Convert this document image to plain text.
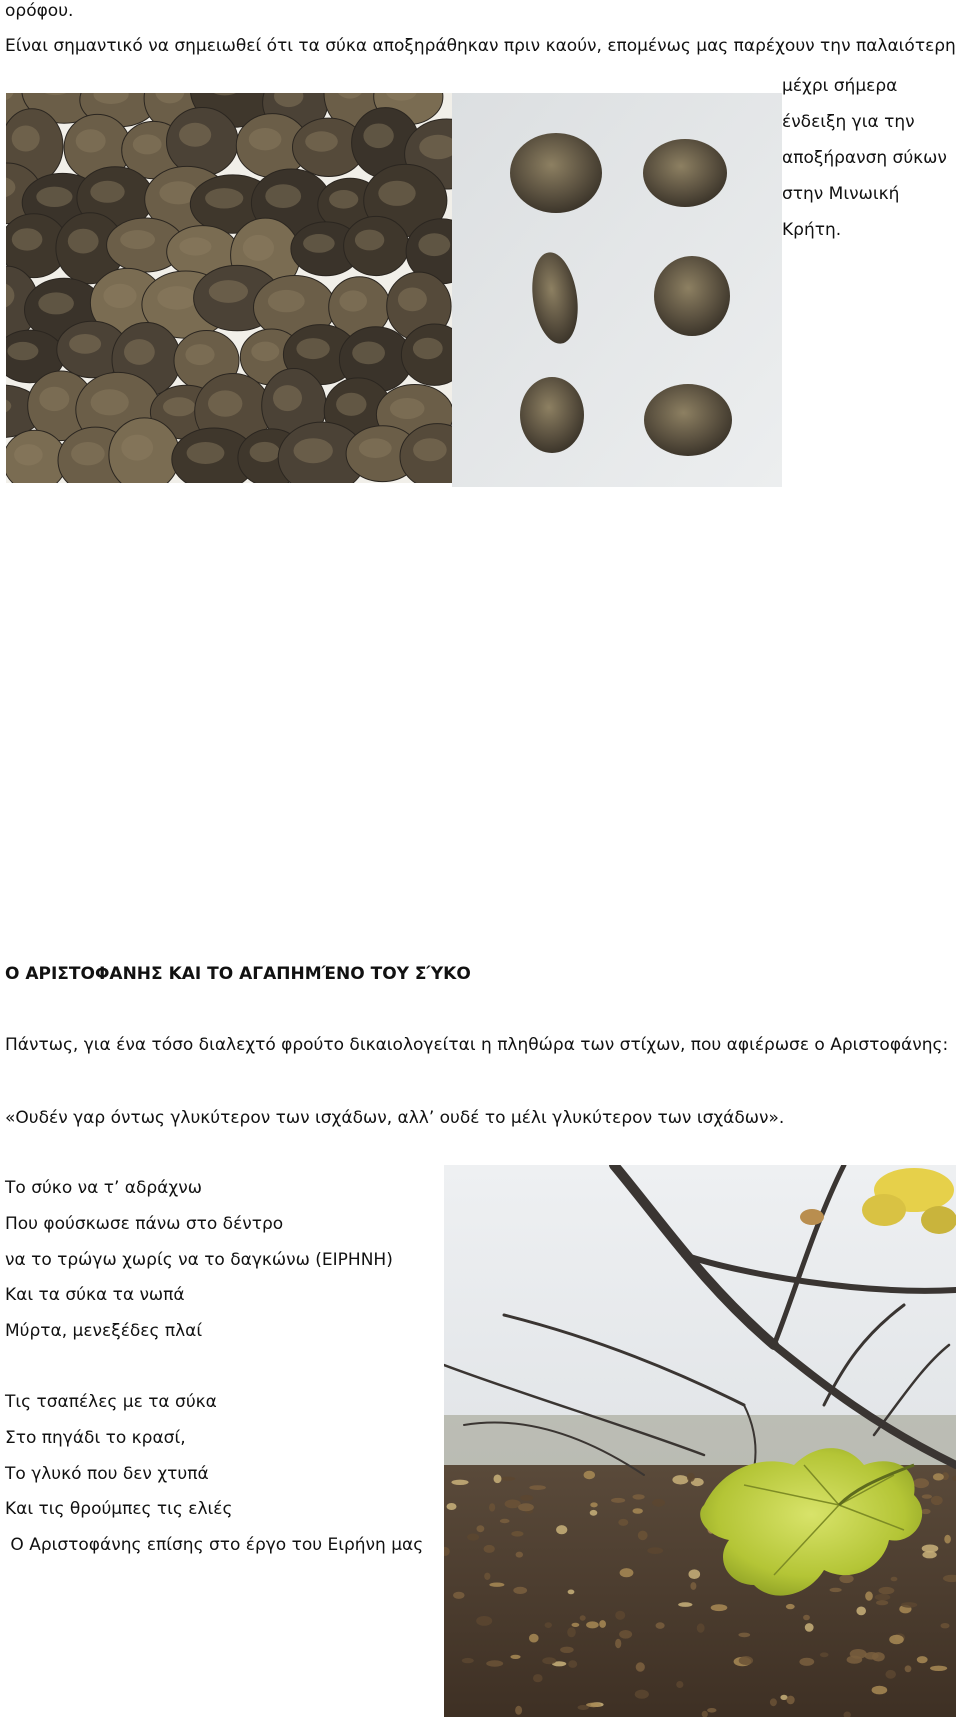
ορόφου.
Είναι σημαντικό να σημειωθεί ότι τα σύκα αποξηράθηκαν πριν καούν, επομένως μας παρέχουν την παλαιότερη
μέχρι σήμερα
ένδειξη για την
αποξήρανση σύκων
στην Μινωική
Κρήτη.
Ο ΑΡΙΣΤΟΦΑΝΗΣ ΚΑΙ ΤΟ ΑΓΑΠΗΜΈΝΟ ΤΟΥ ΣΎΚΟ
Πάντως, για ένα τόσο διαλεχτό φρούτο δικαιολογείται η πληθώρα των στίχων, που αφιέρωσε ο Αριστοφάνης:
«Ουδέν γαρ όντως γλυκύτερον των ισχάδων, αλλ’ ουδέ το μέλι γλυκύτερον των ισχάδων».
Το σύκο να τ’ αδράχνω
Που φούσκωσε πάνω στο δέντρο
να το τρώγω χωρίς να το δαγκώνω (ΕΙΡΗΝΗ)
Και τα σύκα τα νωπά
Μύρτα, μενεξέδες πλαί
Τις τσαπέλες με τα σύκα
Στο πηγάδι το κρασί,
Το γλυκό που δεν χτυπά
Και τις θρούμπες τις ελιές
Ο Αριστοφάνης επίσης στο έργο του Ειρήνη μας
